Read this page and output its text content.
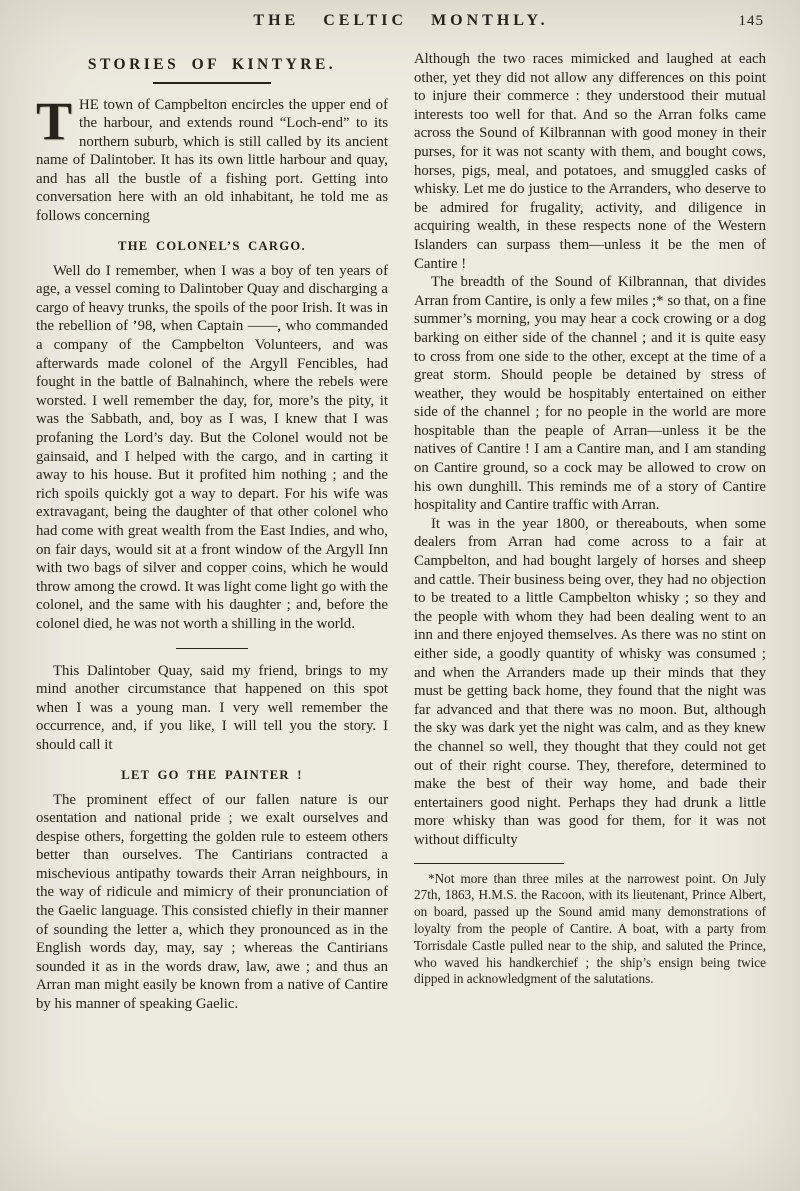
THE CELTIC MONTHLY.	145
STORIES OF KINTYRE.

THE town of Campbelton encircles the upper end of the harbour, and extends round “Loch-end” to its northern suburb, which is still called by its ancient name of Dalintober. It has its own little harbour and quay, and has all the bustle of a fishing port. Getting into conversation here with an old inhabitant, he told me as follows concerning

THE COLONEL’S CARGO.

Well do I remember, when I was a boy of ten years of age, a vessel coming to Dalintober Quay and discharging a cargo of heavy trunks, the spoils of the poor Irish. It was in the rebellion of ’98, when Captain ——, who commanded a company of the Campbelton Volunteers, and was afterwards made colonel of the Argyll Fencibles, had fought in the battle of Balnahinch, where the rebels were worsted. I well remember the day, for, more’s the pity, it was the Sabbath, and, boy as I was, I knew that I was profaning the Lord’s day. But the Colonel would not be gainsaid, and I helped with the cargo, and in carting it away to his house. But it profited him nothing ; and the rich spoils quickly got a way to depart. For his wife was extravagant, being the daughter of that other colonel who had come with great wealth from the East Indies, and who, on fair days, would sit at a front window of the Argyll Inn with two bags of silver and copper coins, which he would throw among the crowd. It was light come light go with the colonel, and the same with his daughter ; and, before the colonel died, he was not worth a shilling in the world.

This Dalintober Quay, said my friend, brings to my mind another circumstance that happened on this spot when I was a young man. I very well remember the occurrence, and, if you like, I will tell you the story. I should call it

LET GO THE PAINTER !

The prominent effect of our fallen nature is our osentation and national pride ; we exalt ourselves and despise others, forgetting the golden rule to esteem others better than ourselves. The Cantirians contracted a mischevious antipathy towards their Arran neighbours, in the way of ridicule and mimicry of their pronunciation of the Gaelic language. This consisted chiefly in their manner of sounding the letter a, which they pronounced as in the English words day, may, say ; whereas the Cantirians sounded it as in the words draw, law, awe ; and thus an Arran man might easily be known from a native of Cantire by his manner of speaking Gaelic.

Although the two races mimicked and laughed at each other, yet they did not allow any differences on this point to injure their commerce : they understood their mutual interests too well for that. And so the Arran folks came across the Sound of Kilbrannan with good money in their purses, for it was not scanty with them, and bought cows, horses, pigs, meal, and potatoes, and smuggled casks of whisky. Let me do justice to the Arranders, who deserve to be admired for frugality, activity, and diligence in acquiring wealth, in these respects none of the Western Islanders can surpass them—unless it be the men of Cantire !

The breadth of the Sound of Kilbrannan, that divides Arran from Cantire, is only a few miles ;* so that, on a fine summer’s morning, you may hear a cock crowing or a dog barking on either side of the channel ; and it is quite easy to cross from one side to the other, except at the time of a great storm. Should people be detained by stress of weather, they would be hospitably entertained on either side of the channel ; for no people in the world are more hospitable than the peaple of Arran—unless it be the natives of Cantire ! I am a Cantire man, and I am standing on Cantire ground, so a cock may be allowed to crow on his own dunghill. This reminds me of a story of Cantire hospitality and Cantire traffic with Arran.

It was in the year 1800, or thereabouts, when some dealers from Arran had come across to a fair at Campbelton, and had bought largely of horses and sheep and cattle. Their business being over, they had no objection to be treated to a little Campbelton whisky ; so they and the people with whom they had been dealing went to an inn and there enjoyed themselves. As there was no stint on either side, a goodly quantity of whisky was consumed ; and when the Arranders made up their minds that they must be getting back home, they found that the night was far advanced and that there was no moon. But, although the sky was dark yet the night was calm, and as they knew the channel so well, they thought that they could not get out of their right course. They, therefore, determined to make the best of their way home, and bade their entertainers good night. Perhaps they had drunk a little more whisky than was good for them, for it was not without difficulty

*Not more than three miles at the narrowest point. On July 27th, 1863, H.M.S. the Racoon, with its lieutenant, Prince Albert, on board, passed up the Sound amid many demonstrations of loyalty from the people of Cantire. A boat, with a party from Torrisdale Castle pulled near to the ship, and saluted the Prince, who waved his handkerchief ; the ship’s ensign being twice dipped in acknowledgment of the salutations.
